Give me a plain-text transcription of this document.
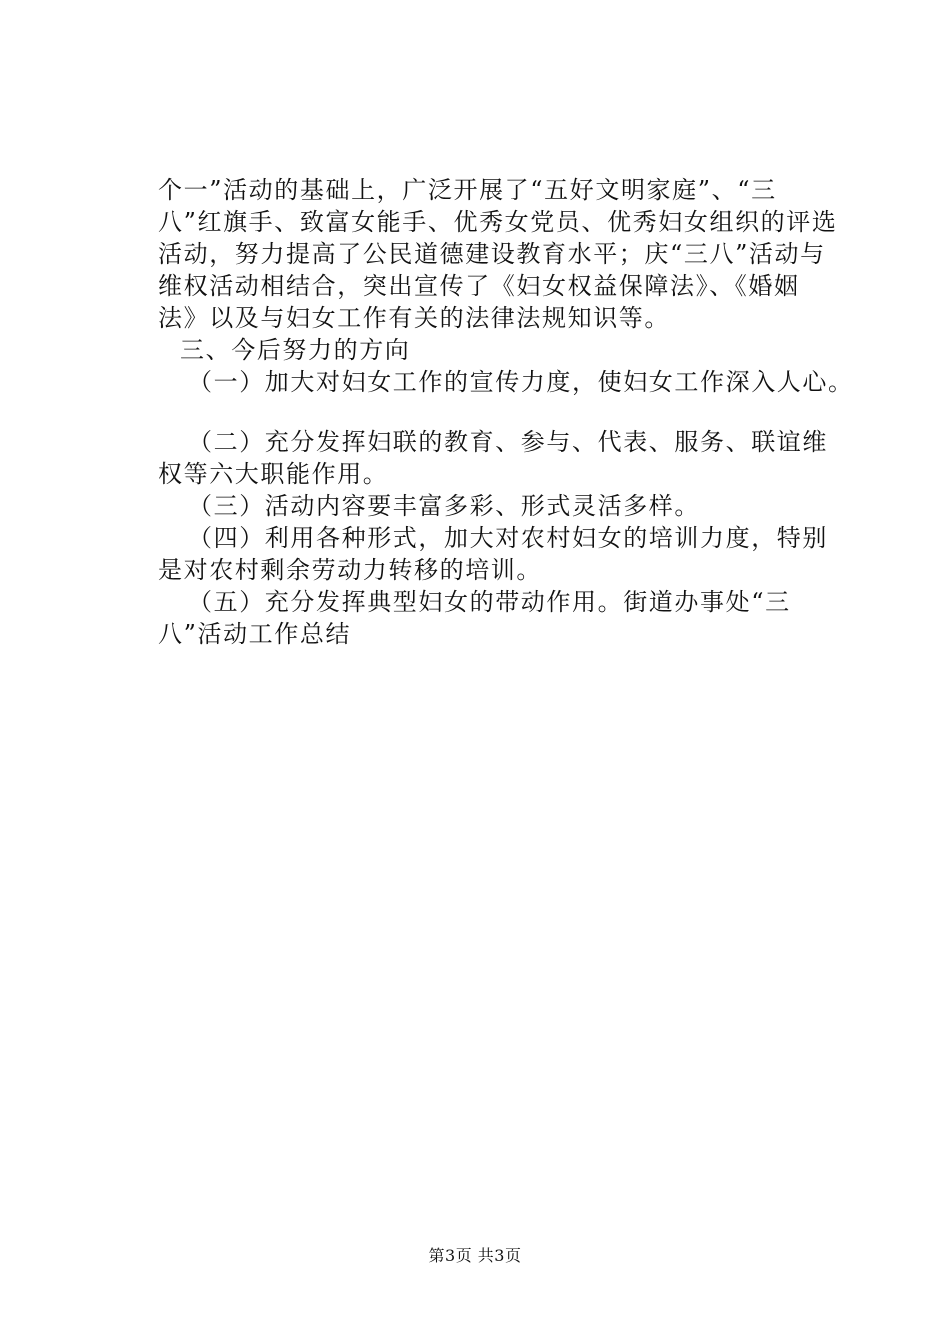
个一”活动的基础上，广泛开展了“五好文明家庭”、“三
八”红旗手、致富女能手、优秀女党员、优秀妇女组织的评选
活动，努力提高了公民道德建设教育水平；庆“三八”活动与
维权活动相结合，突出宣传了《妇女权益保障法》、《婚姻
法》以及与妇女工作有关的法律法规知识等。
三、今后努力的方向
（一）加大对妇女工作的宣传力度，使妇女工作深入人心。
（二）充分发挥妇联的教育、参与、代表、服务、联谊维
权等六大职能作用。
（三）活动内容要丰富多彩、形式灵活多样。
（四）利用各种形式，加大对农村妇女的培训力度，特别
是对农村剩余劳动力转移的培训。
（五）充分发挥典型妇女的带动作用。街道办事处“三
八”活动工作总结
第3页 共3页
